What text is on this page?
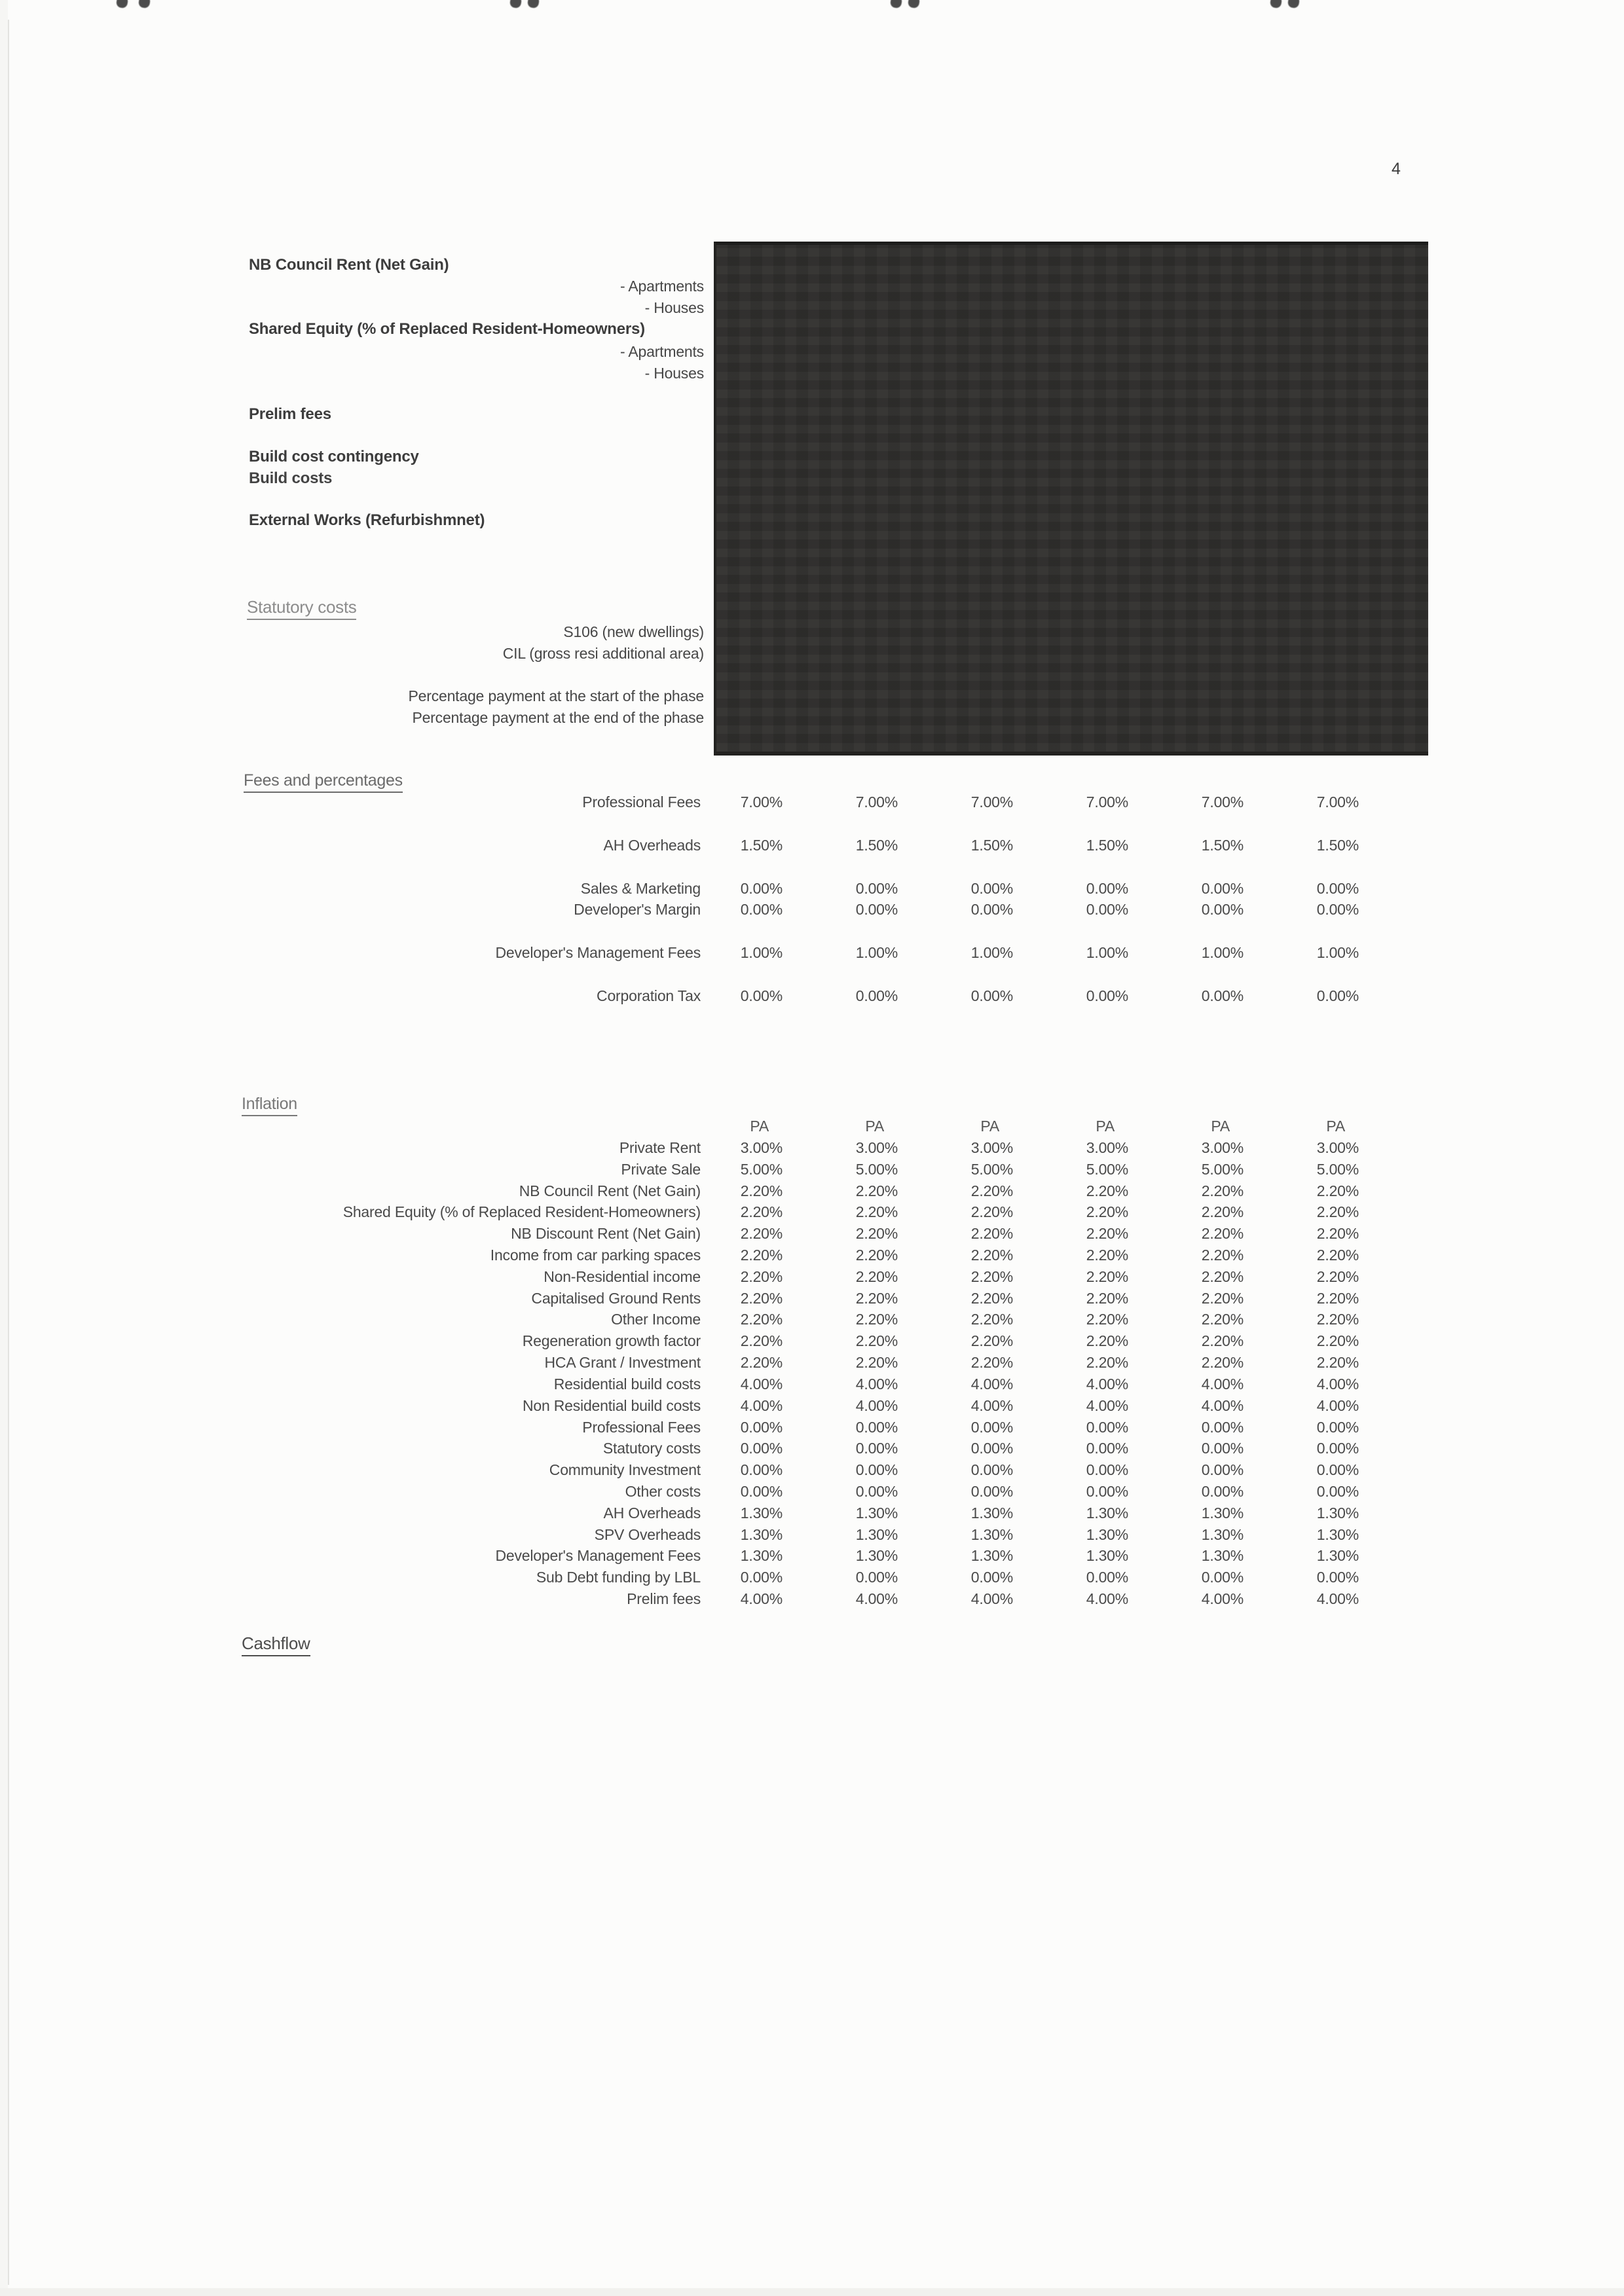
4
NB Council Rent (Net Gain)
Shared Equity (% of Replaced Resident-Homeowners)
Prelim fees
Build cost contingency
Build costs
External Works (Refurbishmnet)
- Apartments
- Houses
- Apartments
- Houses
Statutory costs
S106 (new dwellings)
CIL (gross resi additional area)
Percentage payment at the start of the phase
Percentage payment at the end of the phase
Fees and percentages
Professional Fees	7.00%	7.00%	7.00%	7.00%	7.00%	7.00%
AH Overheads	1.50%	1.50%	1.50%	1.50%	1.50%	1.50%
Sales & Marketing	0.00%	0.00%	0.00%	0.00%	0.00%	0.00%
Developer's Margin	0.00%	0.00%	0.00%	0.00%	0.00%	0.00%
Developer's Management Fees	1.00%	1.00%	1.00%	1.00%	1.00%	1.00%
Corporation Tax	0.00%	0.00%	0.00%	0.00%	0.00%	0.00%
Inflation
PA	PA	PA	PA	PA	PA
Private Rent	3.00%	3.00%	3.00%	3.00%	3.00%	3.00%
Private Sale	5.00%	5.00%	5.00%	5.00%	5.00%	5.00%
NB Council Rent (Net Gain)	2.20%	2.20%	2.20%	2.20%	2.20%	2.20%
Shared Equity (% of Replaced Resident-Homeowners)	2.20%	2.20%	2.20%	2.20%	2.20%	2.20%
NB Discount Rent (Net Gain)	2.20%	2.20%	2.20%	2.20%	2.20%	2.20%
Income from car parking spaces	2.20%	2.20%	2.20%	2.20%	2.20%	2.20%
Non-Residential income	2.20%	2.20%	2.20%	2.20%	2.20%	2.20%
Capitalised Ground Rents	2.20%	2.20%	2.20%	2.20%	2.20%	2.20%
Other Income	2.20%	2.20%	2.20%	2.20%	2.20%	2.20%
Regeneration growth factor	2.20%	2.20%	2.20%	2.20%	2.20%	2.20%
HCA Grant / Investment	2.20%	2.20%	2.20%	2.20%	2.20%	2.20%
Residential build costs	4.00%	4.00%	4.00%	4.00%	4.00%	4.00%
Non Residential build costs	4.00%	4.00%	4.00%	4.00%	4.00%	4.00%
Professional Fees	0.00%	0.00%	0.00%	0.00%	0.00%	0.00%
Statutory costs	0.00%	0.00%	0.00%	0.00%	0.00%	0.00%
Community Investment	0.00%	0.00%	0.00%	0.00%	0.00%	0.00%
Other costs	0.00%	0.00%	0.00%	0.00%	0.00%	0.00%
AH Overheads	1.30%	1.30%	1.30%	1.30%	1.30%	1.30%
SPV Overheads	1.30%	1.30%	1.30%	1.30%	1.30%	1.30%
Developer's Management Fees	1.30%	1.30%	1.30%	1.30%	1.30%	1.30%
Sub Debt funding by LBL	0.00%	0.00%	0.00%	0.00%	0.00%	0.00%
Prelim fees	4.00%	4.00%	4.00%	4.00%	4.00%	4.00%
Cashflow
